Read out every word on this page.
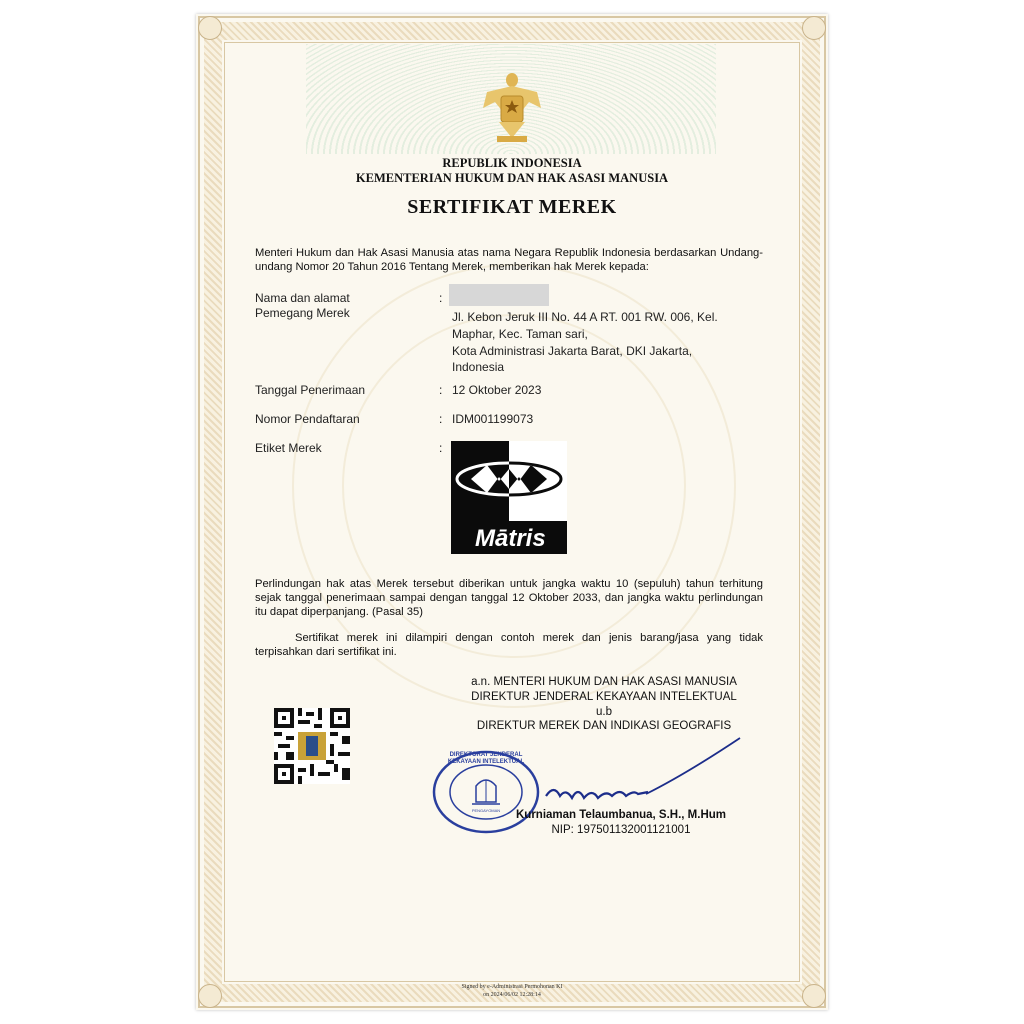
REPUBLIK INDONESIA
KEMENTERIAN HUKUM DAN HAK ASASI MANUSIA
SERTIFIKAT MEREK
Menteri Hukum dan Hak Asasi Manusia atas nama Negara Republik Indonesia berdasarkan Undang-undang Nomor 20 Tahun 2016 Tentang Merek, memberikan hak Merek kepada:
Nama dan alamat
Pemegang Merek
:
Jl. Kebon Jeruk III No. 44 A RT. 001 RW. 006, Kel.
Maphar, Kec. Taman sari,
Kota Administrasi Jakarta Barat, DKI Jakarta,
Indonesia
Tanggal Penerimaan	: 12 Oktober 2023
Nomor Pendaftaran	: IDM001199073
Etiket Merek	:
Mātris
Perlindungan hak atas Merek tersebut diberikan untuk jangka waktu 10 (sepuluh) tahun terhitung sejak tanggal penerimaan sampai dengan tanggal 12 Oktober 2033, dan jangka waktu perlindungan itu dapat diperpanjang. (Pasal 35)
Sertifikat merek ini dilampiri dengan contoh merek dan jenis barang/jasa yang tidak terpisahkan dari sertifikat ini.
a.n. MENTERI HUKUM DAN HAK ASASI MANUSIA
DIREKTUR JENDERAL KEKAYAAN INTELEKTUAL
u.b
DIREKTUR MEREK DAN INDIKASI GEOGRAFIS
DIREKTORAT JENDERAL KEKAYAAN INTELEKTUAL
PENGAYOMAN	Kurniaman Telaumbanua, S.H., M.Hum
NIP: 197501132001121001
Signed by e-Administrasi Permohonan KI
on 2024/06/02 12:28:14
